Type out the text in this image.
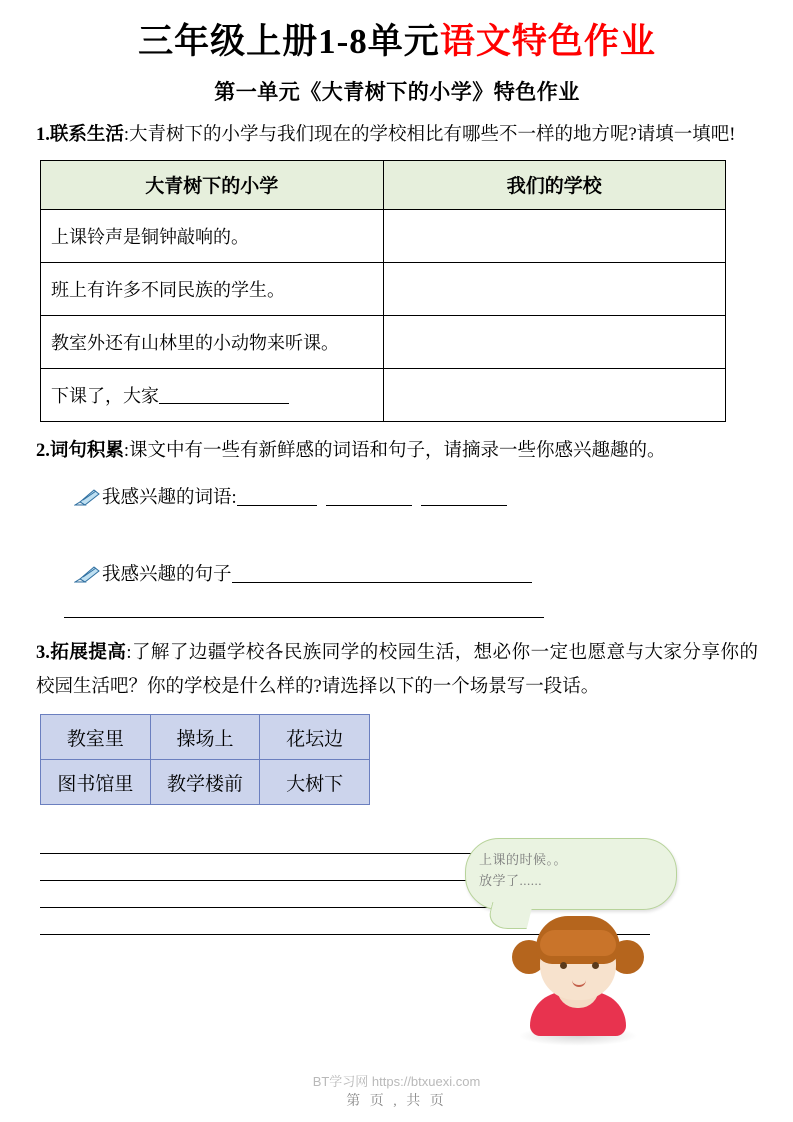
三年级上册1-8单元语文特色作业
第一单元《大青树下的小学》特色作业
1.联系生活:大青树下的小学与我们现在的学校相比有哪些不一样的地方呢?请填一填吧!
大青树下的小学	我们的学校
上课铃声是铜钟敲响的。	
班上有许多不同民族的学生。	
教室外还有山林里的小动物来听课。	
下课了，大家	
2.词句积累:课文中有一些有新鲜感的词语和句子，请摘录一些你感兴趣趣的。
我感兴趣的词语:
我感兴趣的句子
3.拓展提高:了解了边疆学校各民族同学的校园生活，想必你一定也愿意与大家分享你的校园生活吧？你的学校是什么样的?请选择以下的一个场景写一段话。
教室里	操场上	花坛边
图书馆里	教学楼前	大树下
上课的时候。。
放学了......
BT学习网 https://btxuexi.com
第 页 , 共 页
